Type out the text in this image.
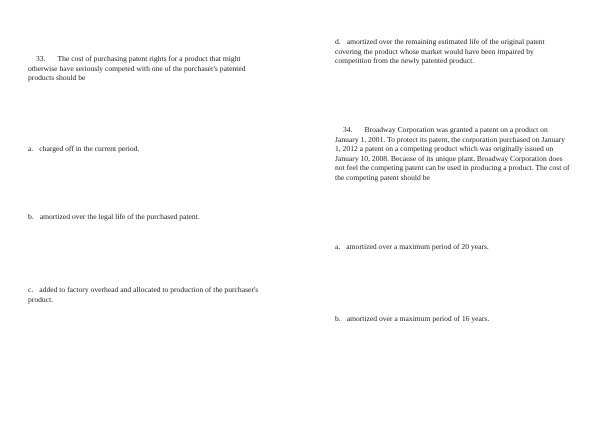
33. The cost of purchasing patent rights for a product that might otherwise have seriously competed with one of the purchaser's patented products should be
a. charged off in the current period.
b. amortized over the legal life of the purchased patent.
c. added to factory overhead and allocated to production of the purchaser's product.
d. amortized over the remaining estimated life of the original patent covering the product whose market would have been impaired by competition from the newly patented product.
34. Broadway Corporation was granted a patent on a product on January 1, 2001. To protect its patent, the corporation purchased on January 1, 2012 a patent on a competing product which was originally issued on January 10, 2008. Because of its unique plant, Broadway Corporation does not feel the competing patent can be used in producing a product. The cost of the competing patent should be
a. amortized over a maximum period of 20 years.
b. amortized over a maximum period of 16 years.
